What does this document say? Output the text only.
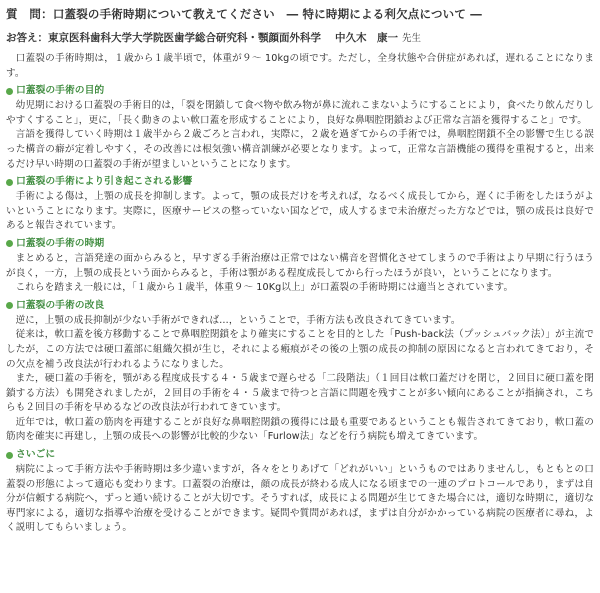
質　問：口蓋裂の手術時期について教えてください　― 特に時期による利欠点について ―
お答え：東京医科歯科大学大学院医歯学総合研究科・顎顔面外科学 中久木　康一 先生

口蓋裂の手術時期は，１歳から１歳半頃で，体重が９～ 10kgの頃です。ただし，全身状態や合併症があれば，遅れることになります。

口蓋裂の手術の目的

幼児期における口蓋裂の手術目的は，「裂を閉鎖して食べ物や飲み物が鼻に流れこまないようにすることにより，食べたり飲んだりしやすくすること」，更に，「長く動きのよい軟口蓋を形成することにより，良好な鼻咽腔閉鎖および正常な言語を獲得すること」です。

言語を獲得していく時期は１歳半から２歳ごろと言われ，実際に，２歳を過ぎてからの手術では，鼻咽腔閉鎖不全の影響で生じる誤った構音の癖が定着しやすく，その改善には根気強い構音訓練が必要となります。よって，正常な言語機能の獲得を重視すると，出来るだけ早い時期の口蓋裂の手術が望ましいということになります。

口蓋裂の手術により引き起こされる影響

手術による傷は，上顎の成長を抑制します。よって，顎の成長だけを考えれば，なるべく成長してから，遅くに手術をしたほうがよいということになります。実際に，医療サービスの整っていない国などで，成人するまで未治療だった方などでは，顎の成長は良好であると報告されています。

口蓋裂の手術の時期

まとめると，言語発達の面からみると，早すぎる手術治療は正常ではない構音を習慣化させてしまうので手術はより早期に行うほうが良く，一方，上顎の成長という面からみると，手術は顎がある程度成長してから行ったほうが良い，ということになります。

これらを踏まえ一般には，「１歳から１歳半，体重９～ 10Kg以上」が口蓋裂の手術時期には適当とされています。

口蓋裂の手術の改良

逆に，上顎の成長抑制が少ない手術ができれば…，ということで，手術方法も改良されてきています。

従来は，軟口蓋を後方移動することで鼻咽腔閉鎖をより確実にすることを目的とした「Push-back法（プッシュバック法）」が主流でしたが，この方法では硬口蓋部に組織欠損が生じ，それによる瘢痕がその後の上顎の成長の抑制の原因になると言われてきており，その欠点を補う改良法が行われるようになりました。

また，硬口蓋の手術を，顎がある程度成長する４・５歳まで遅らせる「二段階法」（１回目は軟口蓋だけを閉じ，２回目に硬口蓋を閉鎖する方法）も開発されましたが，２回目の手術を４・５歳まで待つと言語に問題を残すことが多い傾向にあることが指摘され，こちらも２回目の手術を早めるなどの改良法が行われてきています。

近年では，軟口蓋の筋肉を再建することが良好な鼻咽腔閉鎖の獲得には最も重要であるということも報告されてきており，軟口蓋の筋肉を確実に再建し，上顎の成長への影響が比較的少ない「Furlow法」などを行う病院も増えてきています。

さいごに

病院によって手術方法や手術時期は多少違いますが，各々をとりあげて「どれがいい」というものではありませんし，もともとの口蓋裂の形態によって適応も変わります。口蓋裂の治療は，顔の成長が終わる成人になる頃までの一連のプロトコールであり，まずは自分が信頼する病院へ，ずっと通い続けることが大切です。そうすれば，成長による問題が生じてきた場合には，適切な時期に，適切な専門家による，適切な指導や治療を受けることができます。疑問や質問があれば，まずは自分がかかっている病院の医療者に尋ね，よく説明してもらいましょう。
